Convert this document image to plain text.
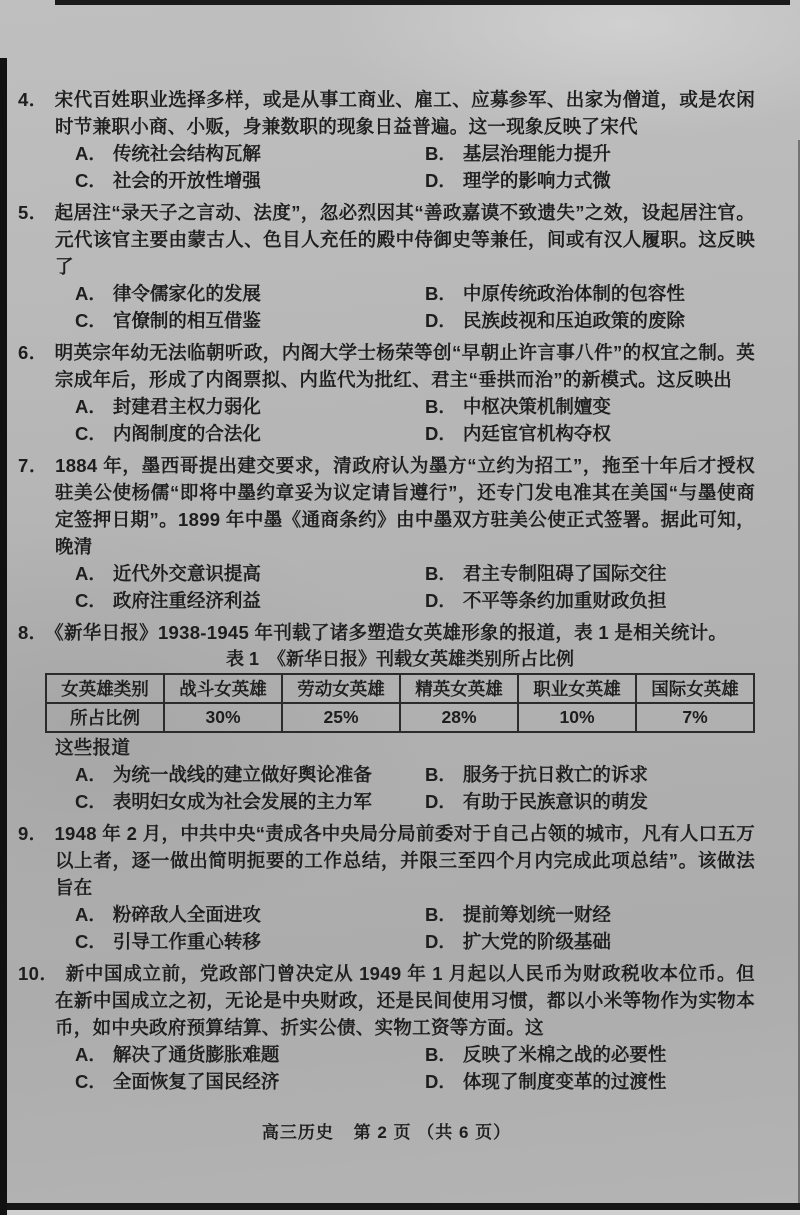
4． 宋代百姓职业选择多样，或是从事工商业、雇工、应募参军、出家为僧道，或是农闲时节兼职小商、小贩，身兼数职的现象日益普遍。这一现象反映了宋代

A． 传统社会结构瓦解	B． 基层治理能力提升
C． 社会的开放性增强	D． 理学的影响力式微

5． 起居注“录天子之言动、法度”，忽必烈因其“善政嘉谟不致遗失”之效，设起居注官。元代该官主要由蒙古人、色目人充任的殿中侍御史等兼任，间或有汉人履职。这反映了

A． 律令儒家化的发展	B． 中原传统政治体制的包容性
C． 官僚制的相互借鉴	D． 民族歧视和压迫政策的废除

6． 明英宗年幼无法临朝听政，内阁大学士杨荣等创“早朝止许言事八件”的权宜之制。英宗成年后，形成了内阁票拟、内监代为批红、君主“垂拱而治”的新模式。这反映出

A． 封建君主权力弱化	B． 中枢决策机制嬗变
C． 内阁制度的合法化	D． 内廷宦官机构夺权

7． 1884 年，墨西哥提出建交要求，清政府认为墨方“立约为招工”，拖至十年后才授权驻美公使杨儒“即将中墨约章妥为议定请旨遵行”，还专门发电准其在美国“与墨使商定签押日期”。1899 年中墨《通商条约》由中墨双方驻美公使正式签署。据此可知，晚清

A． 近代外交意识提高	B． 君主专制阻碍了国际交往
C． 政府注重经济利益	D． 不平等条约加重财政负担

8． 《新华日报》1938-1945 年刊载了诸多塑造女英雄形象的报道，表 1 是相关统计。

表 1　《新华日报》刊载女英雄类别所占比例

女英雄类别	战斗女英雄	劳动女英雄	精英女英雄	职业女英雄	国际女英雄
所占比例	30%	25%	28%	10%	7%

这些报道

A． 为统一战线的建立做好舆论准备	B． 服务于抗日救亡的诉求
C． 表明妇女成为社会发展的主力军	D． 有助于民族意识的萌发

9． 1948 年 2 月，中共中央“责成各中央局分局前委对于自己占领的城市，凡有人口五万以上者，逐一做出简明扼要的工作总结，并限三至四个月内完成此项总结”。该做法旨在

A． 粉碎敌人全面进攻	B． 提前筹划统一财经
C． 引导工作重心转移	D． 扩大党的阶级基础

10． 新中国成立前，党政部门曾决定从 1949 年 1 月起以人民币为财政税收本位币。但在新中国成立之初，无论是中央财政，还是民间使用习惯，都以小米等物作为实物本币，如中央政府预算结算、折实公债、实物工资等方面。这

A． 解决了通货膨胀难题	B． 反映了米棉之战的必要性
C． 全面恢复了国民经济	D． 体现了制度变革的过渡性
高三历史 第 2 页 （共 6 页）
